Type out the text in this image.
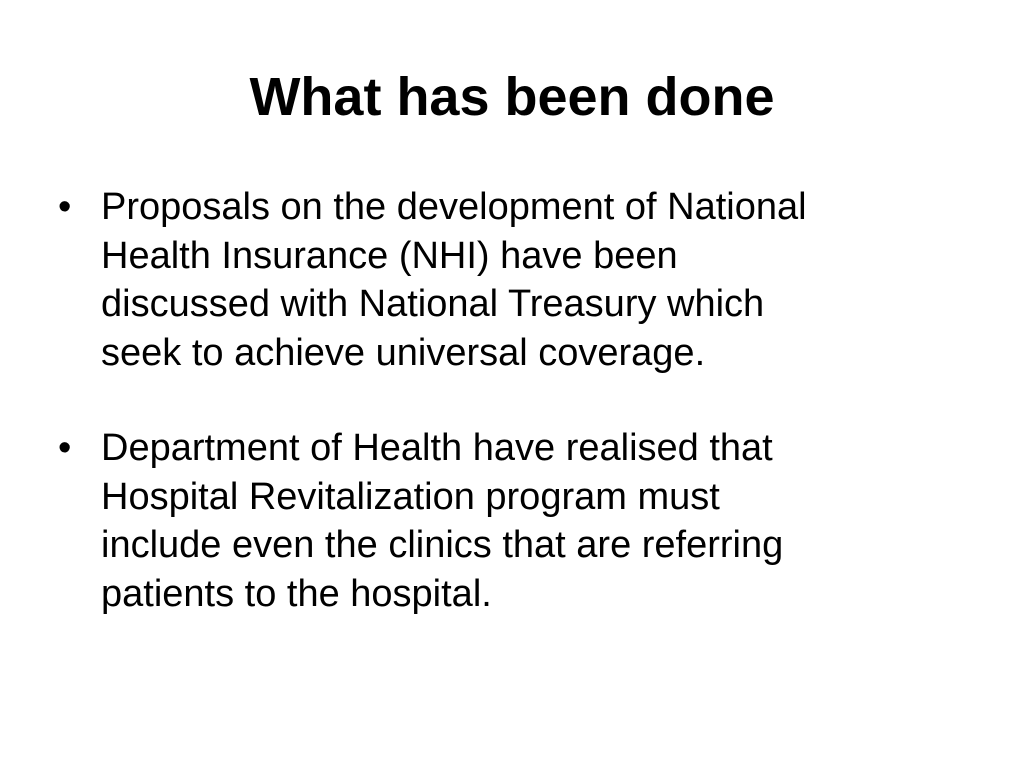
What has been done
• Proposals on the development of National
Health Insurance (NHI) have been
discussed with National Treasury which
seek to achieve universal coverage.
• Department of Health have realised that
Hospital Revitalization program must
include even the clinics that are referring
patients to the hospital.
